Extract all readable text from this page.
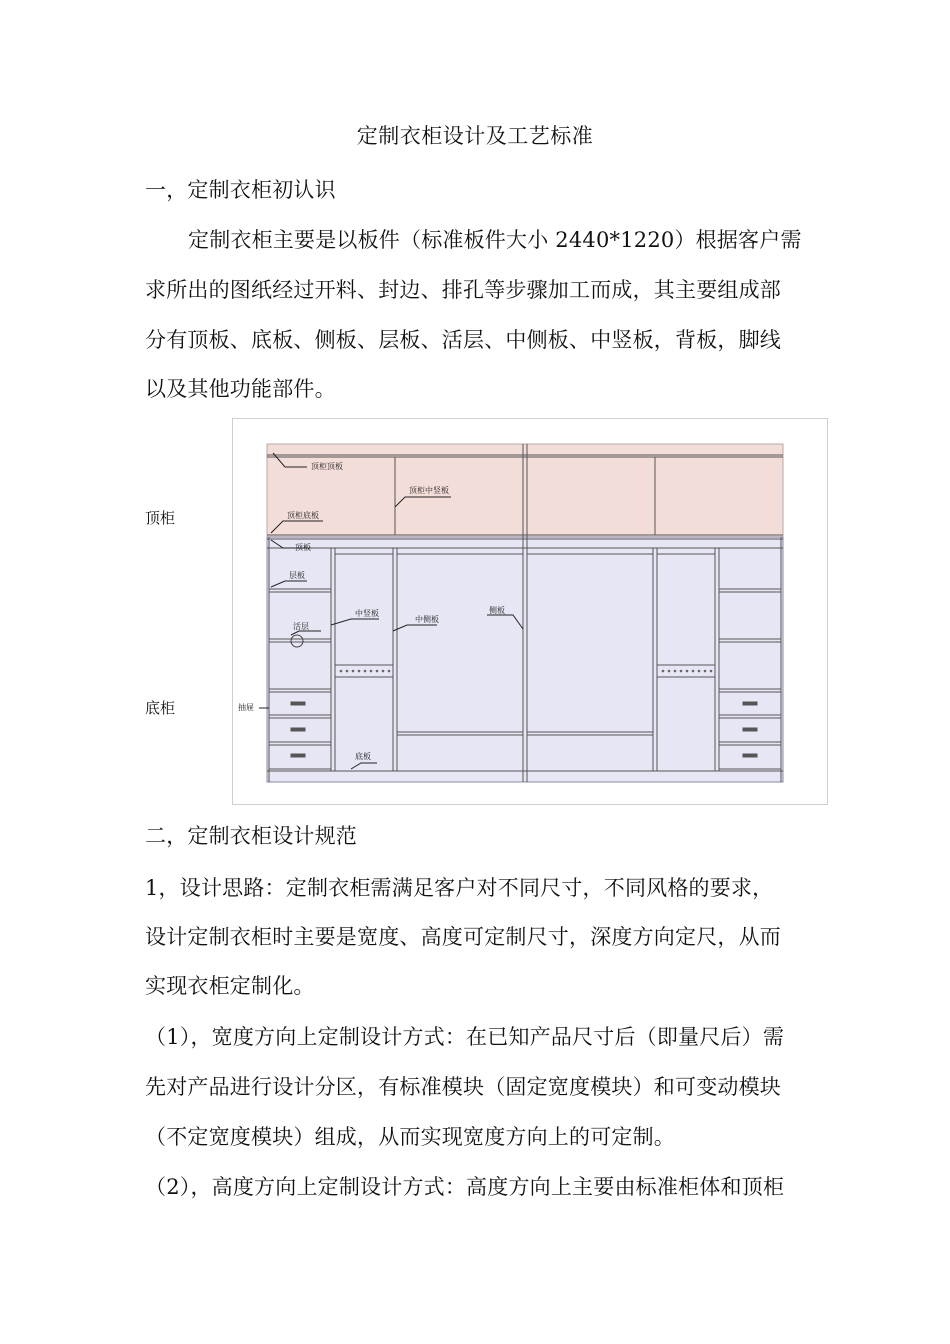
定制衣柜设计及工艺标准
一，定制衣柜初认识
定制衣柜主要是以板件（标准板件大小 2440*1220）根据客户需
求所出的图纸经过开料、封边、排孔等步骤加工而成，其主要组成部
分有顶板、底板、侧板、层板、活层、中侧板、中竖板，背板，脚线
以及其他功能部件。
顶柜
底柜
顶柜顶板
顶柜中竖板
顶柜底板
顶板
层板
活层
中竖板
中侧板
侧板
抽屉
底板
二，定制衣柜设计规范
1，设计思路：定制衣柜需满足客户对不同尺寸，不同风格的要求，
设计定制衣柜时主要是宽度、高度可定制尺寸，深度方向定尺，从而
实现衣柜定制化。
（1），宽度方向上定制设计方式：在已知产品尺寸后（即量尺后）需
先对产品进行设计分区，有标准模块（固定宽度模块）和可变动模块
（不定宽度模块）组成，从而实现宽度方向上的可定制。
（2），高度方向上定制设计方式：高度方向上主要由标准柜体和顶柜
